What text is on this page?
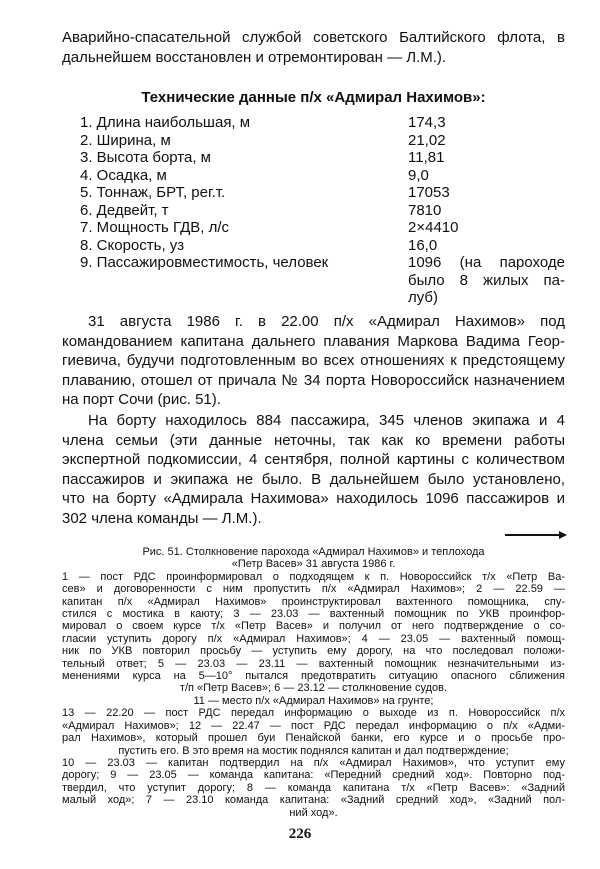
Аварийно-спасательной службой советского Балтийского флота, в
дальнейшем восстановлен и отремонтирован — Л.М.).
Технические данные п/х «Адмирал Нахимов»:
1. Длина наибольшая, м	174,3
2. Ширина, м	21,02
3. Высота борта, м	11,81
4. Осадка, м	9,0
5. Тоннаж, БРТ, рег.т.	17053
6. Дедвейт, т	7810
7. Мощность ГДВ, л/с	2×4410
8. Скорость, уз	16,0
9. Пассажировместимость, человек	1096 (на пароходе
было 8 жилых па-
луб)
31 августа 1986 г. в 22.00 п/х «Адмирал Нахимов» под
командованием капитана дальнего плавания Маркова Вадима Геор-
гиевича, будучи подготовленным во всех отношениях к предстоящему
плаванию, отошел от причала № 34 порта Новороссийск назначением
на порт Сочи (рис. 51).
На борту находилось 884 пассажира, 345 членов экипажа и 4
члена семьи (эти данные неточны, так как ко времени работы
экспертной подкомиссии, 4 сентября, полной картины с количеством
пассажиров и экипажа не было. В дальнейшем было установлено,
что на борту «Адмирала Нахимова» находилось 1096 пассажиров и
302 члена команды — Л.М.).
Рис. 51. Столкновение парохода «Адмирал Нахимов» и теплохода
«Петр Васев» 31 августа 1986 г.
1 — пост РДС проинформировал о подходящем к п. Новороссийск т/х «Петр Ва-
сев» и договоренности с ним пропустить п/х «Адмирал Нахимов»; 2 — 22.59 —
капитан п/х «Адмирал Нахимов» проинструктировал вахтенного помощника, спу-
стился с мостика в каюту; 3 — 23.03 — вахтенный помощник по УКВ проинфор-
мировал о своем курсе т/х «Петр Васев» и получил от него подтверждение о со-
гласии уступить дорогу п/х «Адмирал Нахимов»; 4 — 23.05 — вахтенный помощ-
ник по УКВ повторил просьбу — уступить ему дорогу, на что последовал положи-
тельный ответ; 5 — 23.03 — 23.11 — вахтенный помощник незначительными из-
менениями курса на 5—10° пытался предотвратить ситуацию опасного сближения
т/п «Петр Васев»; 6 — 23.12 — столкновение судов.
11 — место п/х «Адмирал Нахимов» на грунте;
13 — 22.20 — пост РДС передал информацию о выходе из п. Новороссийск п/х
«Адмирал Нахимов»; 12 — 22.47 — пост РДС передал информацию о п/х «Адми-
рал Нахимов», который прошел буи Пенайской банки, его курсе и о просьбе про-
пустить его. В это время на мостик поднялся капитан и дал подтверждение;
10 — 23.03 — капитан подтвердил на п/х «Адмирал Нахимов», что уступит ему
дорогу; 9 — 23.05 — команда капитана: «Передний средний ход». Повторно под-
твердил, что уступит дорогу; 8 — команда капитана т/х «Петр Васев»: «Задний
малый ход»; 7 — 23.10 команда капитана: «Задний средний ход», «Задний пол-
ний ход».
226
